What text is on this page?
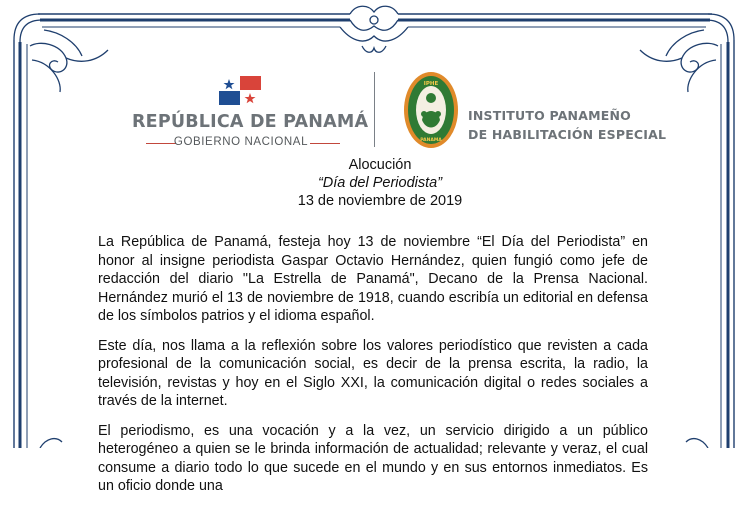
REPÚBLICA DE PANAMÁ
GOBIERNO NACIONAL
IPHE
PANAMA
INSTITUTO PANAMEÑO
DE HABILITACIÓN ESPECIAL
Alocución
“Día del Periodista”
13 de noviembre de 2019

La República de Panamá, festeja hoy 13 de noviembre “El Día del Periodista” en honor al insigne periodista Gaspar Octavio Hernández, quien fungió como jefe de redacción del diario "La Estrella de Panamá", Decano de la Prensa Nacional. Hernández murió el 13 de noviembre de 1918, cuando escribía un editorial en defensa de los símbolos patrios y el idioma español.

Este día, nos llama a la reflexión sobre los valores periodístico que revisten a cada profesional de la comunicación social, es decir de la prensa escrita, la radio, la televisión, revistas y hoy en el Siglo XXI, la comunicación digital o redes sociales a través de la internet.

El periodismo, es una vocación y a la vez, un servicio dirigido a un público heterogéneo a quien se le brinda información de actualidad; relevante y veraz, el cual consume a diario todo lo que sucede en el mundo y en sus entornos inmediatos. Es un oficio donde una
